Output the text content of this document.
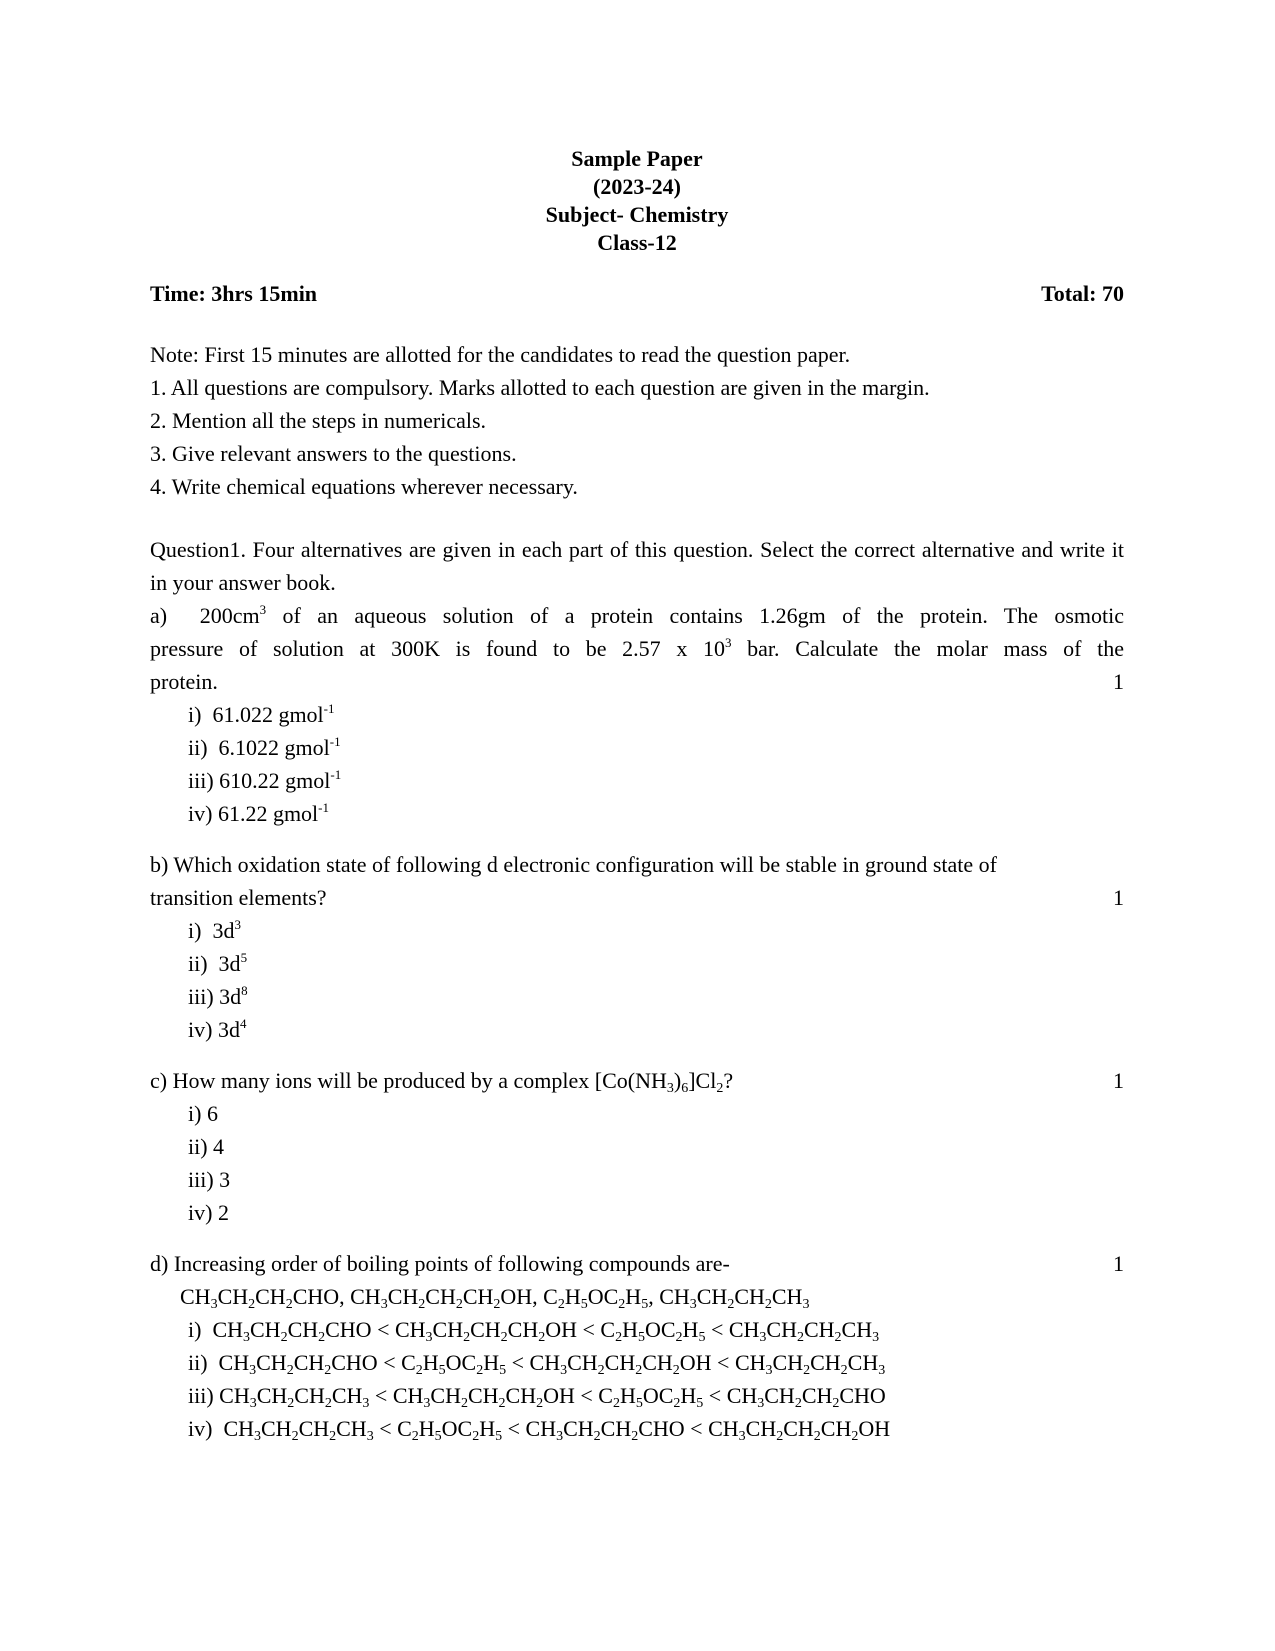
Sample Paper
(2023-24)
Subject- Chemistry
Class-12
Time: 3hrs 15min	Total: 70
Note: First 15 minutes are allotted for the candidates to read the question paper.
1. All questions are compulsory. Marks allotted to each question are given in the margin.
2. Mention all the steps in numericals.
3. Give relevant answers to the questions.
4. Write chemical equations wherever necessary.
Question1. Four alternatives are given in each part of this question. Select the correct alternative and write it in your answer book.
a)  $200cm^3$ of an aqueous solution of a protein contains 1.26gm of the protein. The osmotic
pressure of solution at 300K is found to be 2.57 x $10^3$ bar. Calculate the molar mass of the
protein.	1
i)  61.022 gmol$^{-1}$
ii)  6.1022 gmol$^{-1}$
iii) 610.22 gmol$^{-1}$
iv) 61.22 gmol$^{-1}$
b) Which oxidation state of following d electronic configuration will be stable in ground state of
transition elements?	1
i)  $3d^3$
ii)  $3d^5$
iii) $3d^8$
iv) $3d^4$
c) How many ions will be produced by a complex $[Co(NH_3)_6]Cl_2$?	1
i) 6
ii) 4
iii) 3
iv) 2
d) Increasing order of boiling points of following compounds are-	1
$CH_3CH_2CH_2CHO$, $CH_3CH_2CH_2CH_2OH$, $C_2H_5OC_2H_5$, $CH_3CH_2CH_2CH_3$
i)  $CH_3CH_2CH_2CHO < CH_3CH_2CH_2CH_2OH < C_2H_5OC_2H_5 < CH_3CH_2CH_2CH_3$
ii)  $CH_3CH_2CH_2CHO < C_2H_5OC_2H_5 < CH_3CH_2CH_2CH_2OH < CH_3CH_2CH_2CH_3$
iii) $CH_3CH_2CH_2CH_3 < CH_3CH_2CH_2CH_2OH < C_2H_5OC_2H_5 < CH_3CH_2CH_2CHO$
iv)  $CH_3CH_2CH_2CH_3 < C_2H_5OC_2H_5 < CH_3CH_2CH_2CHO < CH_3CH_2CH_2CH_2OH$
